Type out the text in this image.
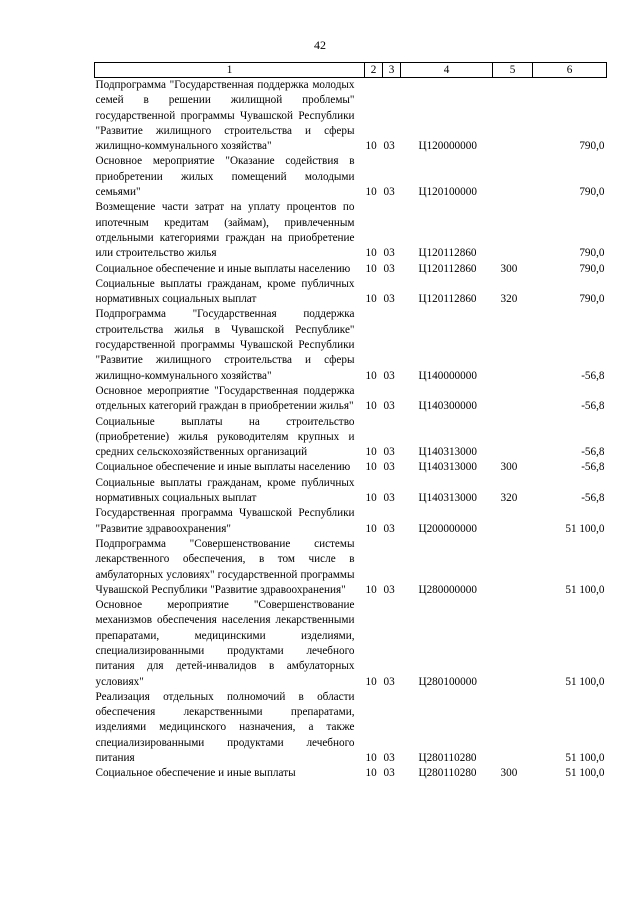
42
1	2	3	4	5	6
Подпрограмма "Государственная поддержка молодых семей в решении жилищной проблемы" государственной программы Чувашской Республики "Развитие жилищного строительства и сферы жилищно-коммунального хозяйства"	10	03	Ц120000000		790,0
Основное мероприятие "Оказание содействия в приобретении жилых помещений молодыми семьями"	10	03	Ц120100000		790,0
Возмещение части затрат на уплату процентов по ипотечным кредитам (займам), привлеченным отдельными категориями граждан на приобретение или строительство жилья	10	03	Ц120112860		790,0
Социальное обеспечение и иные выплаты населению	10	03	Ц120112860	300	790,0
Социальные выплаты гражданам, кроме публичных нормативных социальных выплат	10	03	Ц120112860	320	790,0
Подпрограмма "Государственная поддержка строительства жилья в Чувашской Республике" государственной программы Чувашской Республики "Развитие жилищного строительства и сферы жилищно-коммунального хозяйства"	10	03	Ц140000000		-56,8
Основное мероприятие "Государственная поддержка отдельных категорий граждан в приобретении жилья"	10	03	Ц140300000		-56,8
Социальные выплаты на строительство (приобретение) жилья руководителям крупных и средних сельскохозяйственных организаций	10	03	Ц140313000		-56,8
Социальное обеспечение и иные выплаты населению	10	03	Ц140313000	300	-56,8
Социальные выплаты гражданам, кроме публичных нормативных социальных выплат	10	03	Ц140313000	320	-56,8
Государственная программа Чувашской Республики "Развитие здравоохранения"	10	03	Ц200000000		51 100,0
Подпрограмма "Совершенствование системы лекарственного обеспечения, в том числе в амбулаторных условиях" государственной программы Чувашской Республики "Развитие здравоохранения"	10	03	Ц280000000		51 100,0
Основное мероприятие "Совершенствование механизмов обеспечения населения лекарственными препаратами, медицинскими изделиями, специализированными продуктами лечебного питания для детей-инвалидов в амбулаторных условиях"	10	03	Ц280100000		51 100,0
Реализация отдельных полномочий в области обеспечения лекарственными препаратами, изделиями медицинского назначения, а также специализированными продуктами лечебного питания	10	03	Ц280110280		51 100,0
Социальное обеспечение и иные выплаты	10	03	Ц280110280	300	51 100,0
